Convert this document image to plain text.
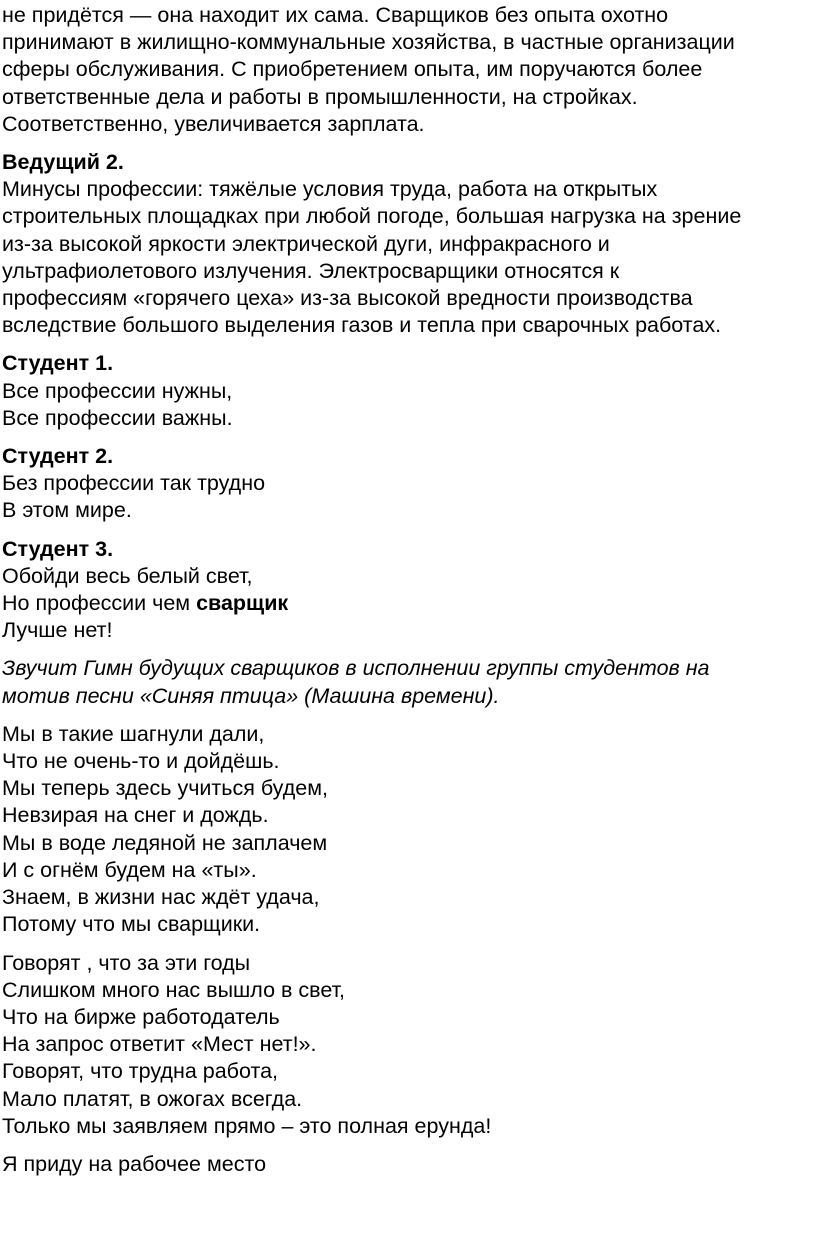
не придётся — она находит их сама. Сварщиков без опыта охотно
принимают в жилищно-коммунальные хозяйства, в частные организации
сферы обслуживания. С приобретением опыта, им поручаются более
ответственные дела и работы в промышленности, на стройках.
Соответственно, увеличивается зарплата.
Ведущий 2.
Минусы профессии: тяжёлые условия труда, работа на открытых
строительных площадках при любой погоде, большая нагрузка на зрение
из-за высокой яркости электрической дуги, инфракрасного и
ультрафиолетового излучения. Электросварщики относятся к
профессиям «горячего цеха» из-за высокой вредности производства
вследствие большого выделения газов и тепла при сварочных работах.
Студент 1.
Все профессии нужны,
Все профессии важны.
Студент 2.
Без профессии так трудно
В этом мире.
Студент 3.
Обойди весь белый свет,
Но профессии чем сварщик
Лучше нет!
Звучит Гимн будущих сварщиков в исполнении группы студентов на
мотив песни «Синяя птица» (Машина времени).
Мы в такие шагнули дали,
Что не очень-то и дойдёшь.
Мы теперь здесь учиться будем,
Невзирая на снег и дождь.
Мы в воде ледяной не заплачем
И с огнём будем на «ты».
Знаем, в жизни нас ждёт удача,
Потому что мы сварщики.
Говорят , что за эти годы
Слишком много нас вышло в свет,
Что на бирже работодатель
На запрос ответит «Мест нет!».
Говорят, что трудна работа,
Мало платят, в ожогах всегда.
Только мы заявляем прямо – это полная ерунда!
Я приду на рабочее место
